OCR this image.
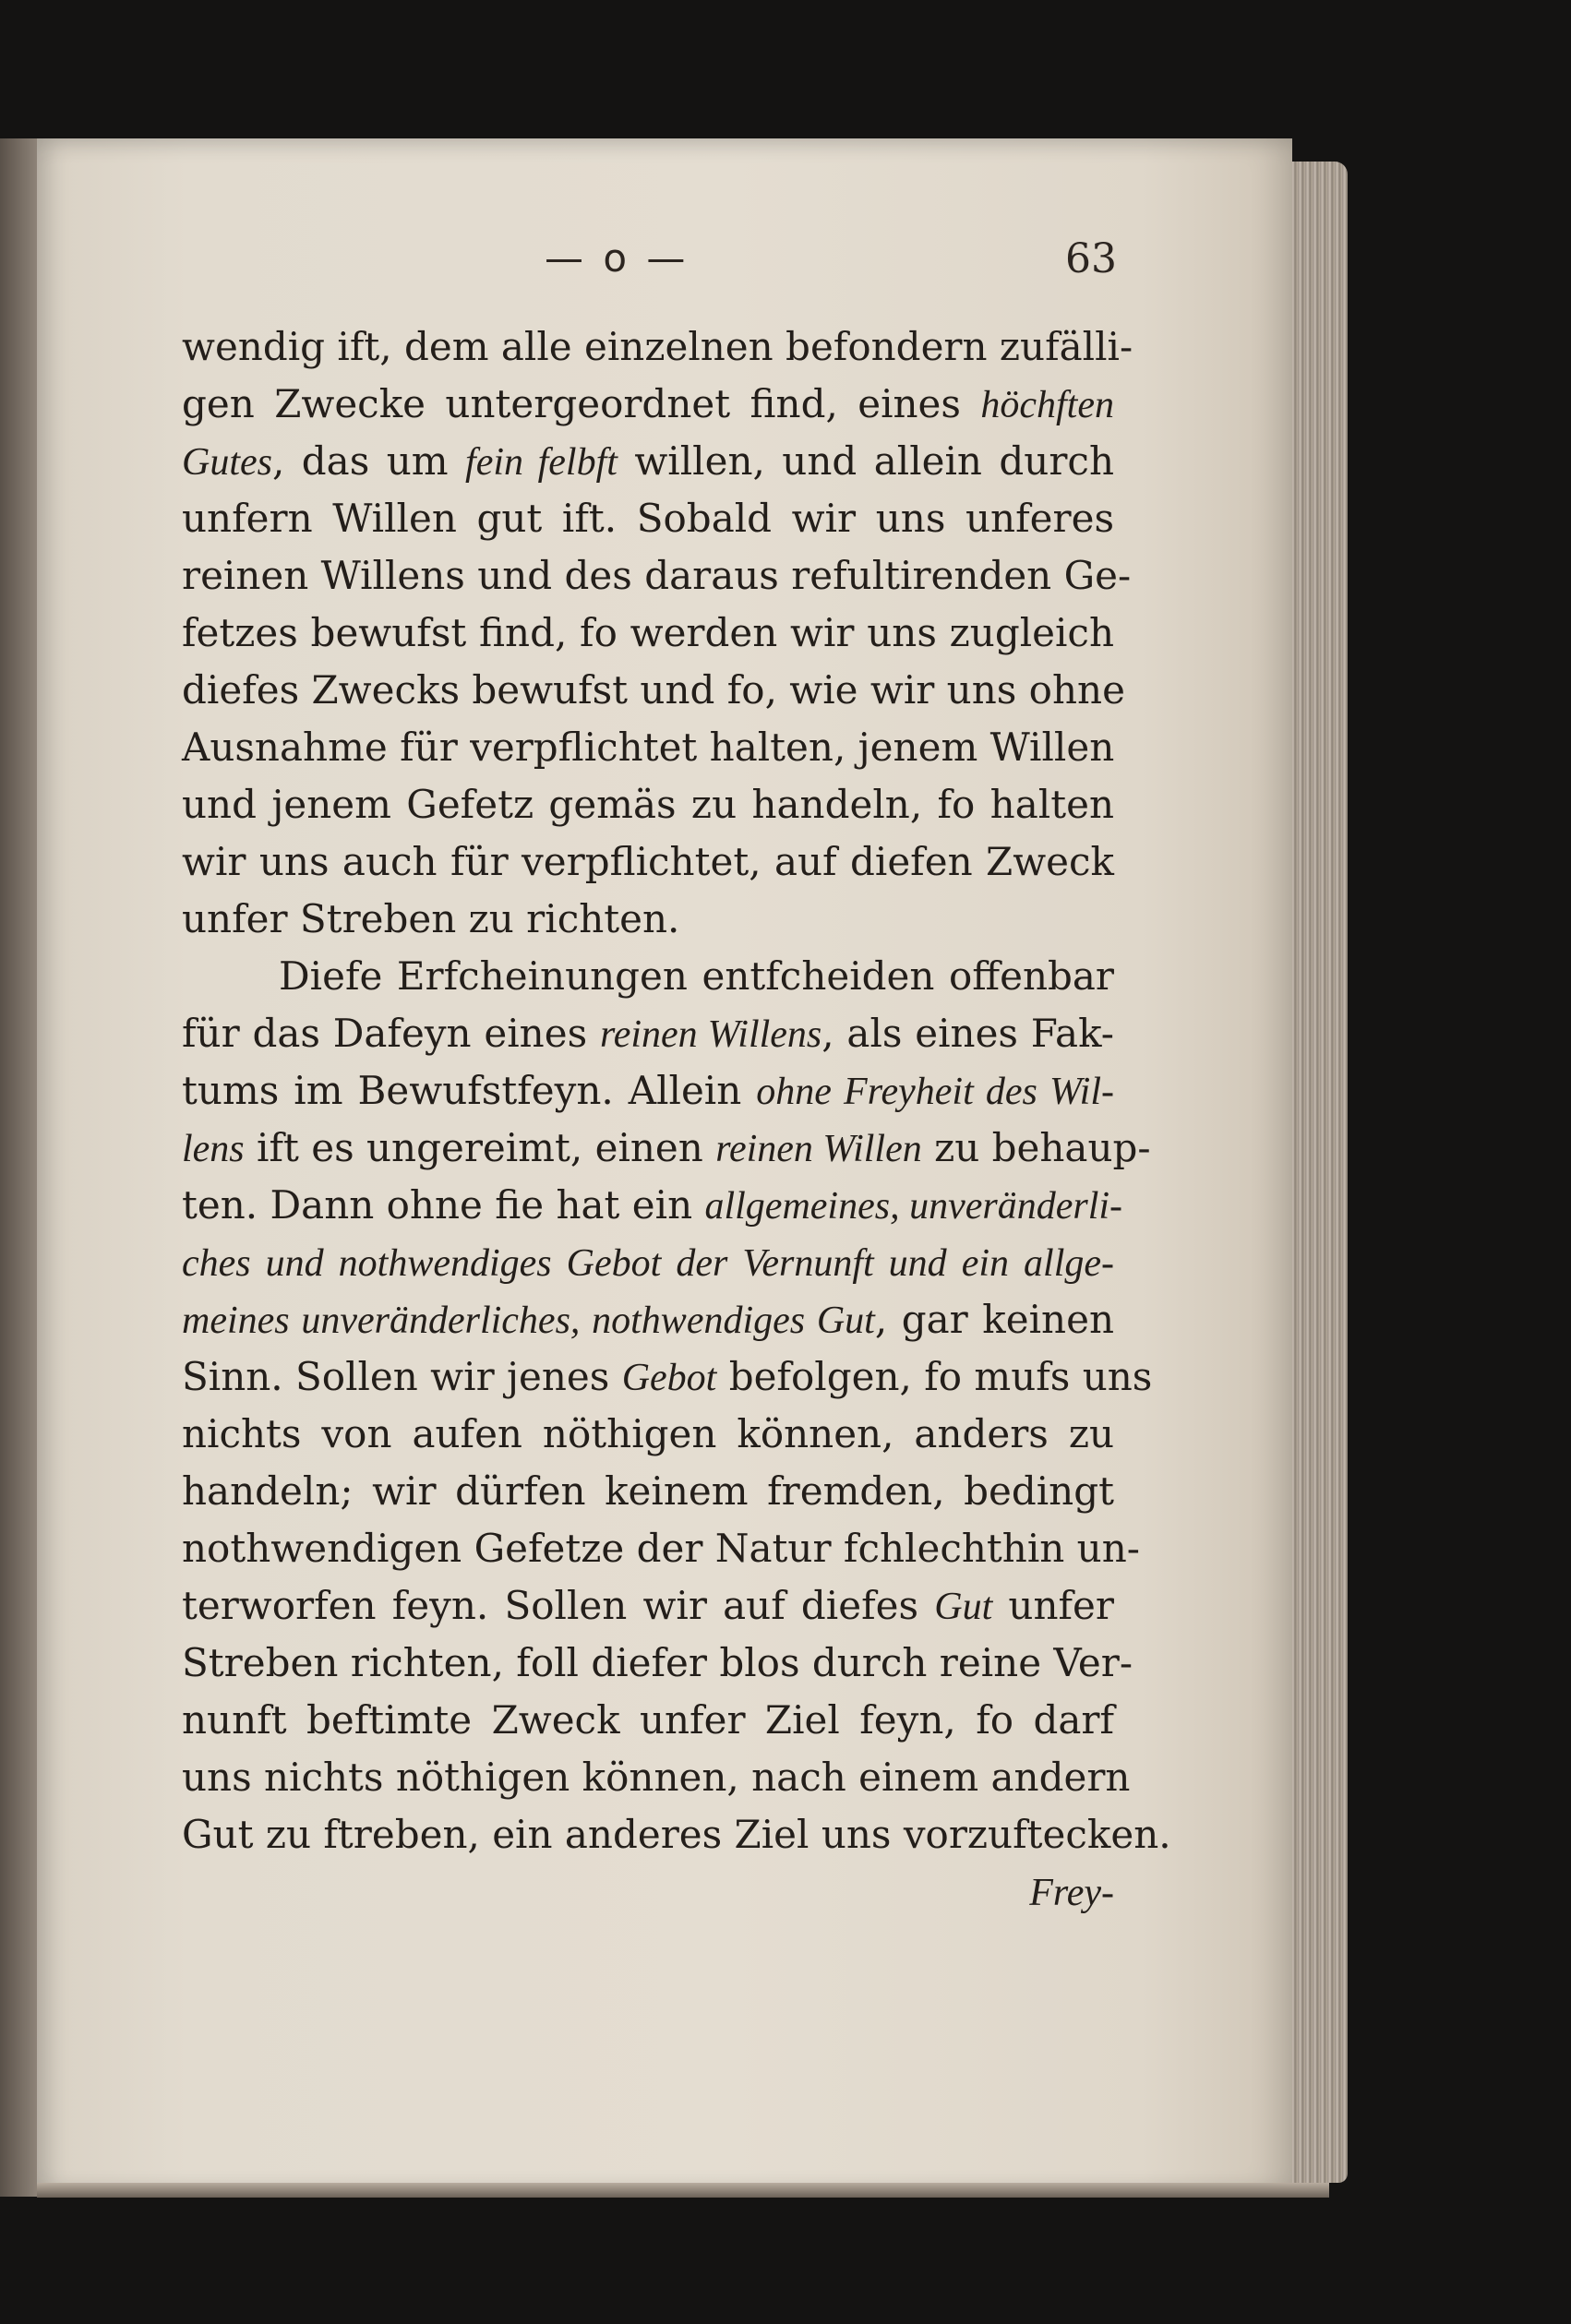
— o —	63
wendig ift, dem alle einzelnen befondern zufälli-
gen Zwecke untergeordnet find, eines höchften
Gutes, das um fein felbft willen, und allein durch
unfern Willen gut ift. Sobald wir uns unferes
reinen Willens und des daraus refultirenden Ge-
fetzes bewufst find, fo werden wir uns zugleich
diefes Zwecks bewufst und fo, wie wir uns ohne
Ausnahme für verpflichtet halten, jenem Willen
und jenem Gefetz gemäs zu handeln, fo halten
wir uns auch für verpflichtet, auf diefen Zweck
unfer Streben zu richten.
Diefe Erfcheinungen entfcheiden offenbar
für das Dafeyn eines reinen Willens, als eines Fak-
tums im Bewufstfeyn. Allein ohne Freyheit des Wil-
lens ift es ungereimt, einen reinen Willen zu behaup-
ten. Dann ohne fie hat ein allgemeines, unveränderli-
ches und nothwendiges Gebot der Vernunft und ein allge-
meines unveränderliches, nothwendiges Gut, gar keinen
Sinn. Sollen wir jenes Gebot befolgen, fo mufs uns
nichts von aufen nöthigen können, anders zu
handeln; wir dürfen keinem fremden, bedingt
nothwendigen Gefetze der Natur fchlechthin un-
terworfen feyn. Sollen wir auf diefes Gut unfer
Streben richten, foll diefer blos durch reine Ver-
nunft beftimte Zweck unfer Ziel feyn, fo darf
uns nichts nöthigen können, nach einem andern
Gut zu ftreben, ein anderes Ziel uns vorzuftecken.
Frey-
